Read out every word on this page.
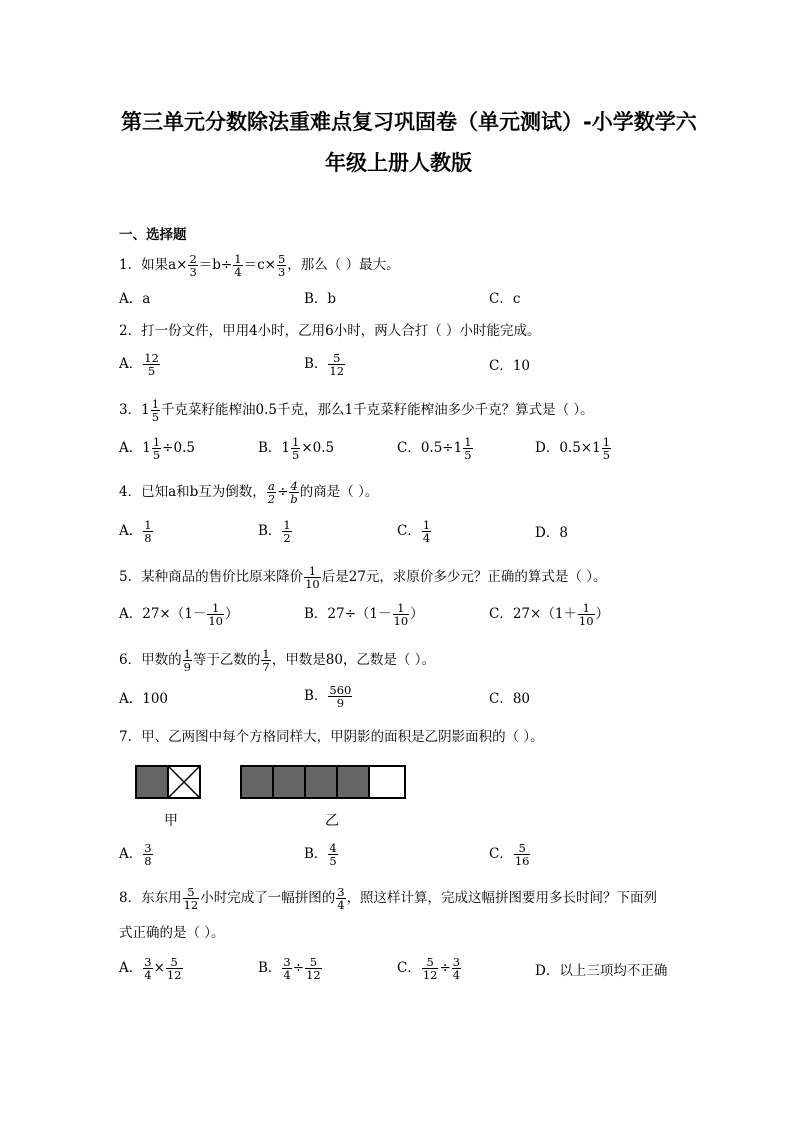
第三单元分数除法重难点复习巩固卷（单元测试）-小学数学六
年级上册人教版
一、选择题
1．如果$a\times \frac{2}{3} =b\div \frac{1}{4} =c\times \frac{5}{3}$ ，那么（ ）最大。
A．a	B．b	C．c
2．打一份文件，甲用4小时，乙用6小时，两人合打（ ）小时能完成。
A． $\frac{12}{5}$	B． $\frac{5}{12}$	C．10
3．$1 \frac{1}{5}$ 千克菜籽能榨油0.5千克，那么1千克菜籽能榨油多少千克？算式是（ ）。
A．$1 \frac{1}{5} \div 0.5$	B．$1 \frac{1}{5} \times 0.5$	C．$0.5\div 1 \frac{1}{5}$	D．$0.5\times 1 \frac{1}{5}$
4．已知a和b互为倒数， $\frac{a}{2} \div \frac{4}{b}$ 的商是（ ）。
A． $\frac{1}{8}$	B． $\frac{1}{2}$	C． $\frac{1}{4}$	D．8
5．某种商品的售价比原来降价 $\frac{1}{10}$ 后是27元，求原价多少元？正确的算式是（ ）。
A．$27\times(1- \frac{1}{10}$ ）	B．$27\div(1- \frac{1}{10}$ ）	C．$27\times(1+ \frac{1}{10}$ ）
6．甲数的 $\frac{1}{9}$ 等于乙数的 $\frac{1}{7}$ ，甲数是80，乙数是（ ）。
A．100	B． $\frac{560}{9}$	C．80
7．甲、乙两图中每个方格同样大，甲阴影的面积是乙阴影面积的（ ）。
甲	乙
A． $\frac{3}{8}$	B． $\frac{4}{5}$	C． $\frac{5}{16}$
8．东东用 $\frac{5}{12}$ 小时完成了一幅拼图的 $\frac{3}{4}$ ，照这样计算，完成这幅拼图要用多长时间？下面列
式正确的是（ ）。
A． $\frac{3}{4} \times \frac{5}{12}$	B． $\frac{3}{4} \div \frac{5}{12}$	C． $\frac{5}{12} \div \frac{3}{4}$	D．以上三项均不正确
